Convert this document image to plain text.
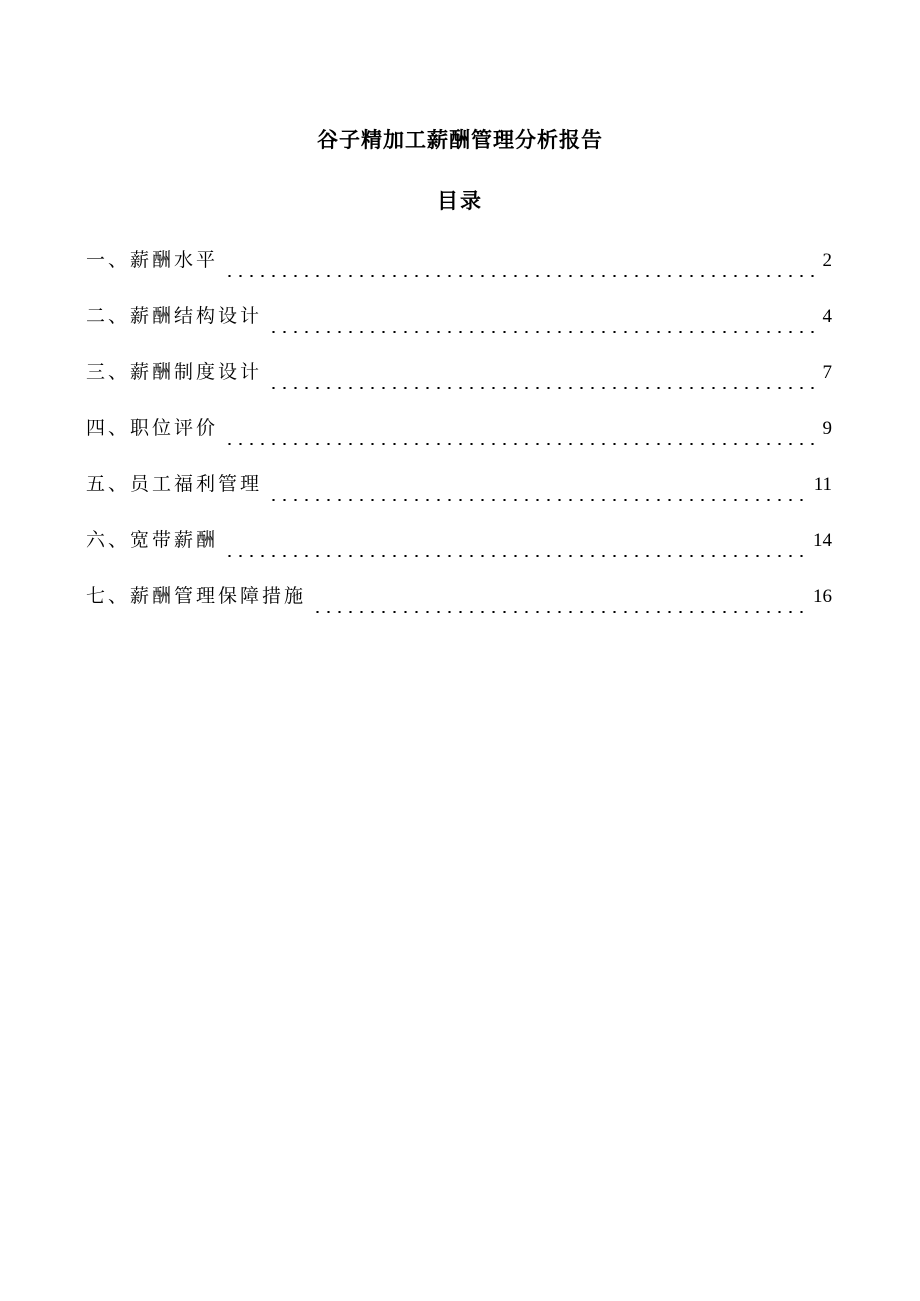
谷子精加工薪酬管理分析报告
目录
一、薪酬水平	2
二、薪酬结构设计	4
三、薪酬制度设计	7
四、职位评价	9
五、员工福利管理	11
六、宽带薪酬	14
七、薪酬管理保障措施	16
